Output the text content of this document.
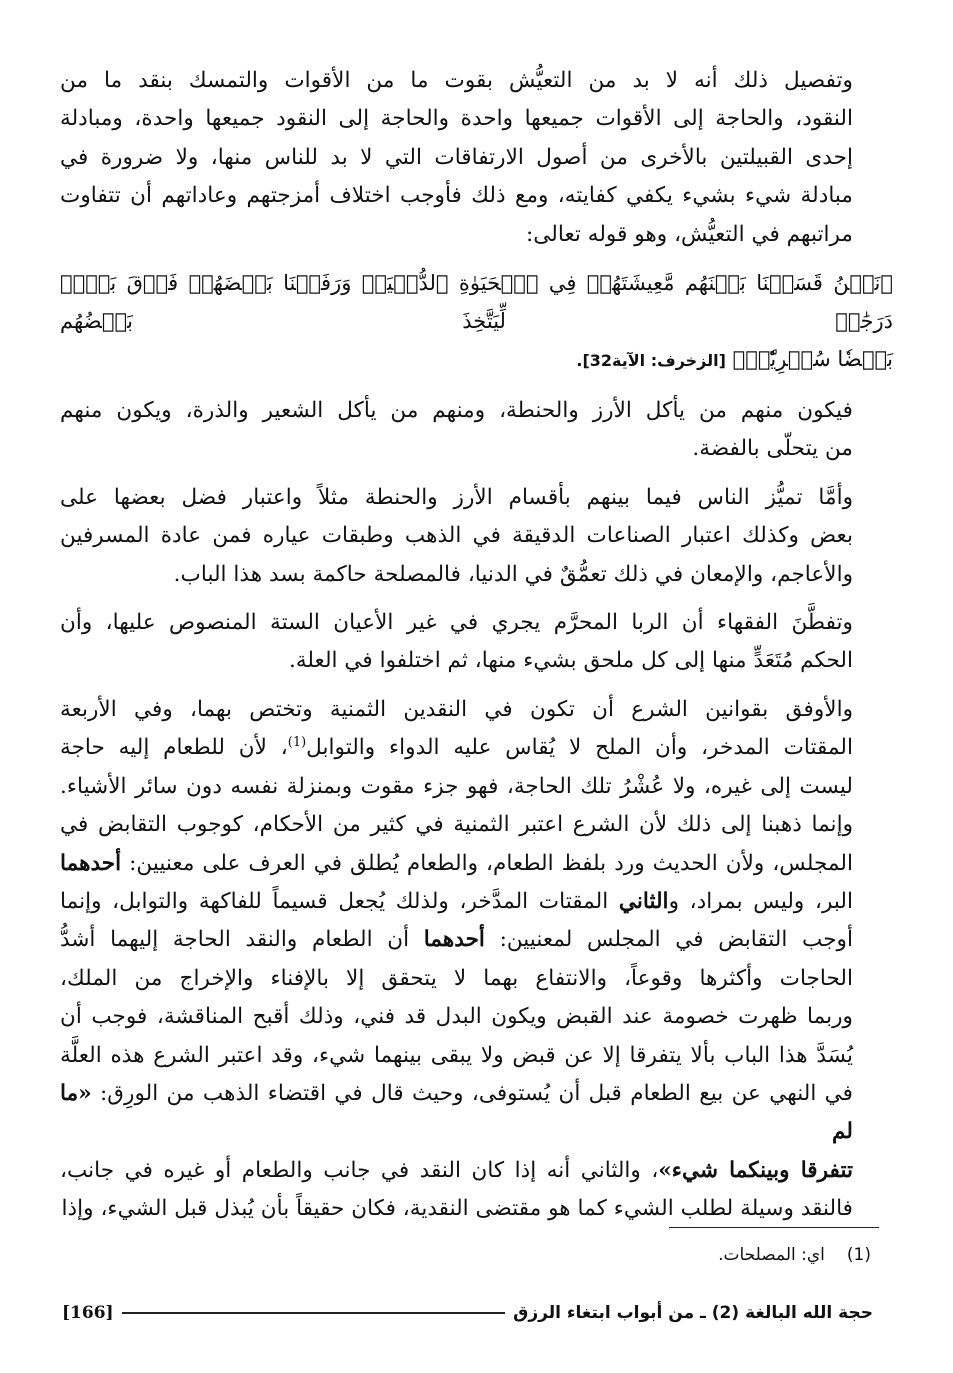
وتفصيل ذلك أنه لا بد من التعيُّش بقوت ما من الأقوات والتمسك بنقد ما من
النقود، والحاجة إلى الأقوات جميعها واحدة والحاجة إلى النقود جميعها واحدة، ومبادلة
إحدى القبيلتين بالأخرى من أصول الارتفاقات التي لا بد للناس منها، ولا ضرورة في
مبادلة شيء بشيء يكفي كفايته، ومع ذلك فأوجب اختلاف أمزجتهم وعاداتهم أن تتفاوت
مراتبهم في التعيُّش، وهو قوله تعالى:

﴿نَحۡنُ قَسَمۡنَا بَيۡنَهُم مَّعِيشَتَهُمۡ فِي ٱلۡحَيَوٰةِ ٱلدُّنۡيَاۚ وَرَفَعۡنَا بَعۡضَهُمۡ فَوۡقَ بَعۡضٖ دَرَجَٰتٖ لِّيَتَّخِذَ بَعۡضُهُم
بَعۡضٗا سُخۡرِيّٗاۗ﴾ [الزخرف: الآية32].

فيكون منهم من يأكل الأرز والحنطة، ومنهم من يأكل الشعير والذرة، ويكون منهم
من يتحلّى بالفضة.

وأمَّا تميُّز الناس فيما بينهم بأقسام الأرز والحنطة مثلاً واعتبار فضل بعضها على
بعض وكذلك اعتبار الصناعات الدقيقة في الذهب وطبقات عياره فمن عادة المسرفين
والأعاجم، والإمعان في ذلك تعمُّقٌ في الدنيا، فالمصلحة حاكمة بسد هذا الباب.

وتفطَّنَ الفقهاء أن الربا المحرَّم يجري في غير الأعيان الستة المنصوص عليها، وأن
الحكم مُتَعَدٍّ منها إلى كل ملحق بشيء منها، ثم اختلفوا في العلة.

والأوفق بقوانين الشرع أن تكون في النقدين الثمنية وتختص بهما، وفي الأربعة
المقتات المدخر، وأن الملح لا يُقاس عليه الدواء والتوابل$^{(1)}$، لأن للطعام إليه حاجة
ليست إلى غيره، ولا عُشْرُ تلك الحاجة، فهو جزء مقوت وبمنزلة نفسه دون سائر الأشياء.
وإنما ذهبنا إلى ذلك لأن الشرع اعتبر الثمنية في كثير من الأحكام، كوجوب التقابض في
المجلس، ولأن الحديث ورد بلفظ الطعام، والطعام يُطلق في العرف على معنيين: أحدهما
البر، وليس بمراد، والثاني المقتات المدَّخر، ولذلك يُجعل قسيماً للفاكهة والتوابل، وإنما
أوجب التقابض في المجلس لمعنيين: أحدهما أن الطعام والنقد الحاجة إليهما أشدُّ
الحاجات وأكثرها وقوعاً، والانتفاع بهما لا يتحقق إلا بالإفناء والإخراج من الملك،
وربما ظهرت خصومة عند القبض ويكون البدل قد فني، وذلك أقبح المناقشة، فوجب أن
يُسَدَّ هذا الباب بألا يتفرقا إلا عن قبض ولا يبقى بينهما شيء، وقد اعتبر الشرع هذه العلَّة
في النهي عن بيع الطعام قبل أن يُستوفى، وحيث قال في اقتضاء الذهب من الورِق: «ما لم
تتفرقا وبينكما شيء»، والثاني أنه إذا كان النقد في جانب والطعام أو غيره في جانب،
فالنقد وسيلة لطلب الشيء كما هو مقتضى النقدية، فكان حقيقاً بأن يُبذل قبل الشيء، وإذا

(1)اي: المصلحات.
حجة الله البالغة (2) ـ من أبواب ابتغاء الرزق
[166]
